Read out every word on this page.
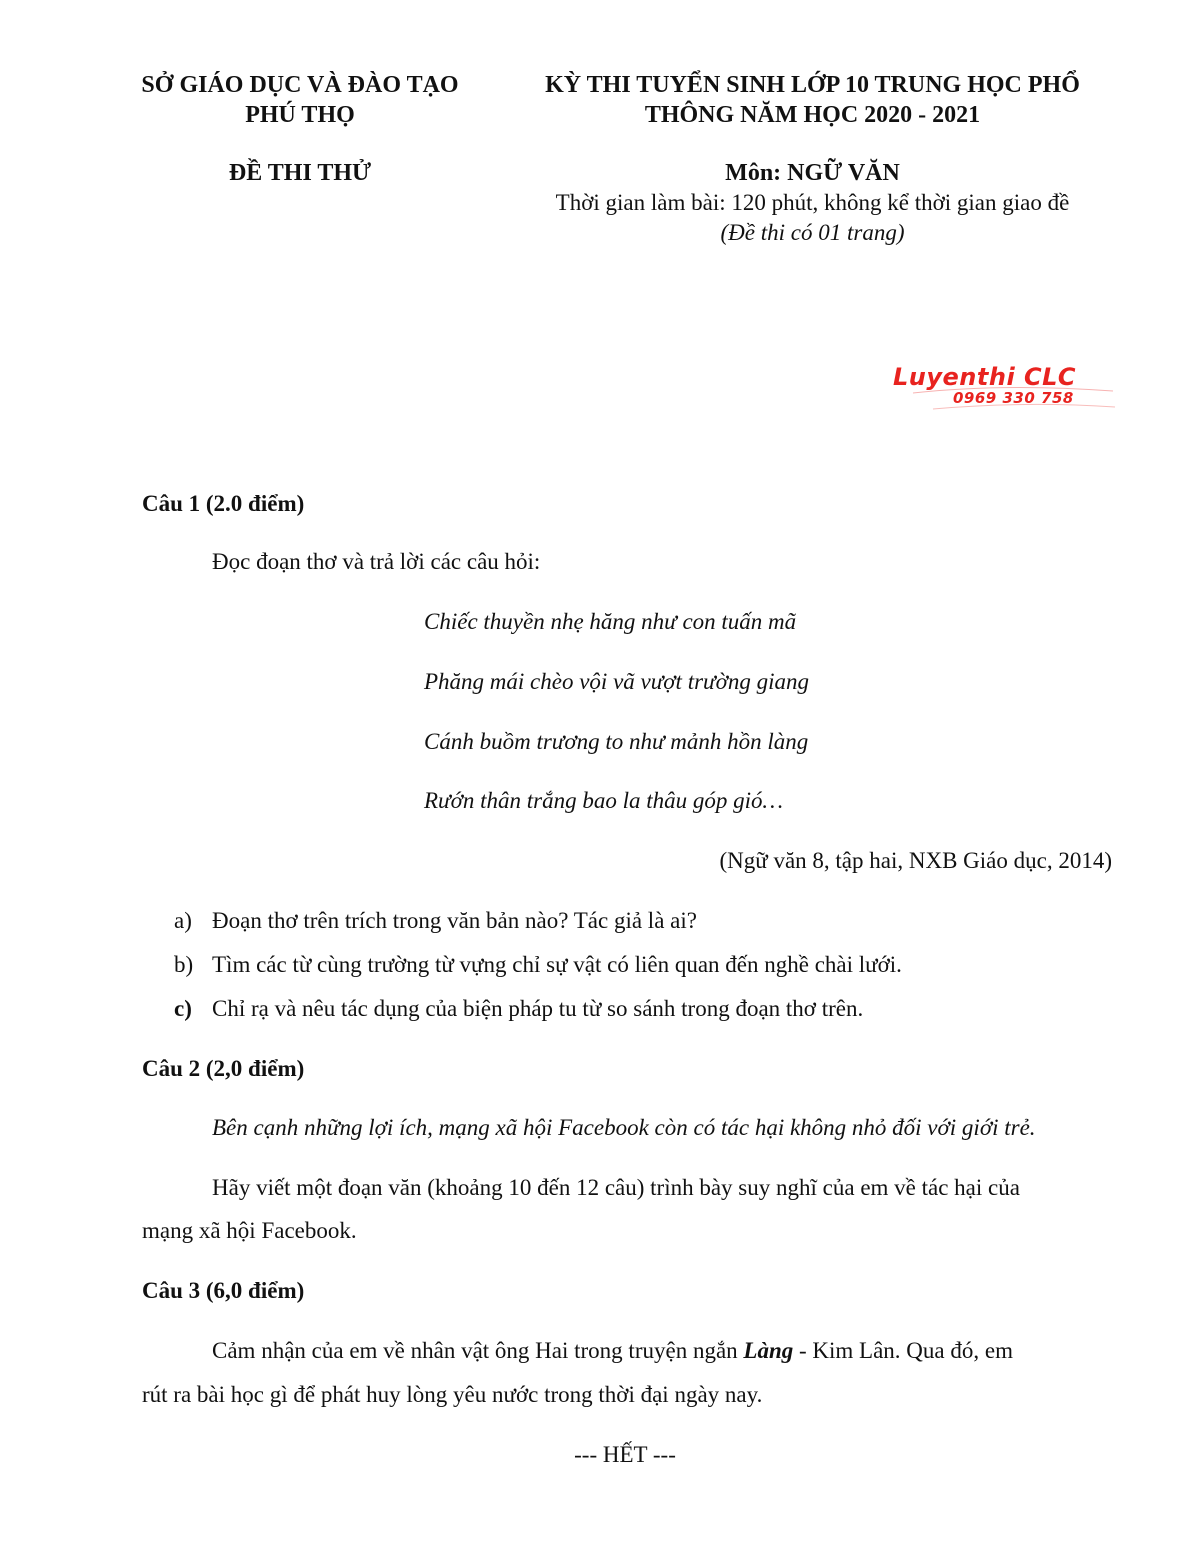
SỞ GIÁO DỤC VÀ ĐÀO TẠO
PHÚ THỌ
KỲ THI TUYỂN SINH LỚP 10 TRUNG HỌC PHỔ
THÔNG NĂM HỌC 2020 - 2021
ĐỀ THI THỬ	Môn: NGỮ VĂN
Thời gian làm bài: 120 phút, không kể thời gian giao đề
(Đề thi có 01 trang)
Luyenthi CLC
0969 330 758
Câu 1 (2.0 điểm)
Đọc đoạn thơ và trả lời các câu hỏi:
Chiếc thuyền nhẹ hăng như con tuấn mã
Phăng mái chèo vội vã vượt trường giang
Cánh buồm trương to như mảnh hồn làng
Rướn thân trắng bao la thâu góp gió…
(Ngữ văn 8, tập hai, NXB Giáo dục, 2014)
a) Đoạn thơ trên trích trong văn bản nào? Tác giả là ai?
b) Tìm các từ cùng trường từ vựng chỉ sự vật có liên quan đến nghề chài lưới.
c) Chỉ rạ và nêu tác dụng của biện pháp tu từ so sánh trong đoạn thơ trên.
Câu 2 (2,0 điểm)
Bên cạnh những lợi ích, mạng xã hội Facebook còn có tác hại không nhỏ đối với giới trẻ.
Hãy viết một đoạn văn (khoảng 10 đến 12 câu) trình bày suy nghĩ của em về tác hại của
mạng xã hội Facebook.
Câu 3 (6,0 điểm)
Cảm nhận của em về nhân vật ông Hai trong truyện ngắn Làng - Kim Lân. Qua đó, em
rút ra bài học gì để phát huy lòng yêu nước trong thời đại ngày nay.
--- HẾT ---
